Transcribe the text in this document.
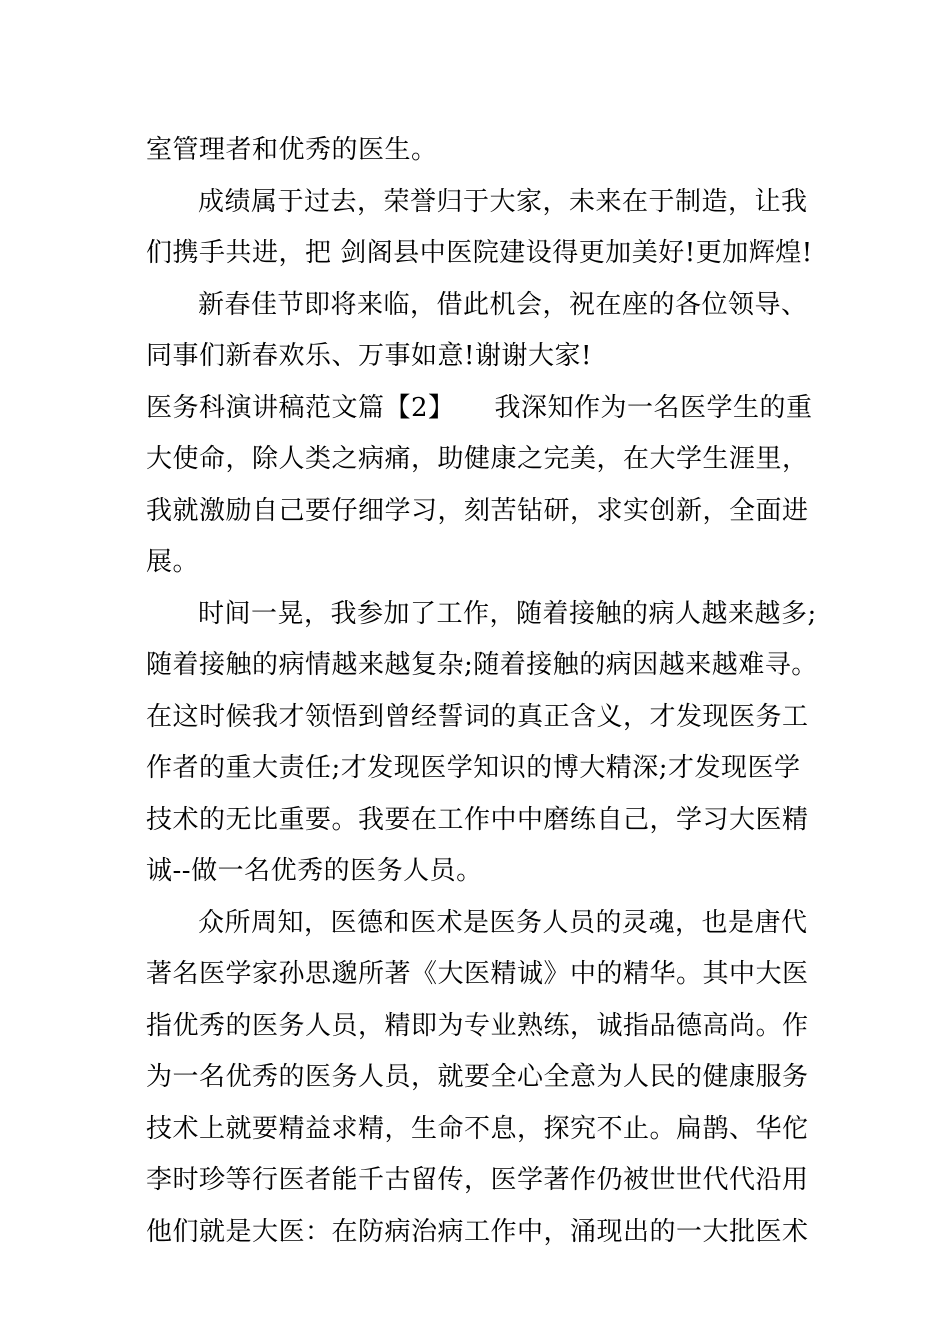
室管理者和优秀的医生。
成绩属于过去，荣誉归于大家，未来在于制造，让我
们携手共进，把 剑阁县中医院建设得更加美好!更加辉煌!
新春佳节即将来临，借此机会，祝在座的各位领导、
同事们新春欢乐、万事如意!谢谢大家!
医务科演讲稿范文篇【2】　　我深知作为一名医学生的重
大使命，除人类之病痛，助健康之完美，在大学生涯里，
我就激励自己要仔细学习，刻苦钻研，求实创新，全面进
展。
时间一晃，我参加了工作，随着接触的病人越来越多;
随着接触的病情越来越复杂;随着接触的病因越来越难寻。
在这时候我才领悟到曾经誓词的真正含义，才发现医务工
作者的重大责任;才发现医学知识的博大精深;才发现医学
技术的无比重要。我要在工作中中磨练自己，学习大医精
诚--做一名优秀的医务人员。
众所周知，医德和医术是医务人员的灵魂，也是唐代
著名医学家孙思邈所著《大医精诚》中的精华。其中大医
指优秀的医务人员，精即为专业熟练，诚指品德高尚。作
为一名优秀的医务人员，就要全心全意为人民的健康服务
技术上就要精益求精，生命不息，探究不止。扁鹊、华佗
李时珍等行医者能千古留传，医学著作仍被世世代代沿用
他们就是大医：在防病治病工作中，涌现出的一大批医术
